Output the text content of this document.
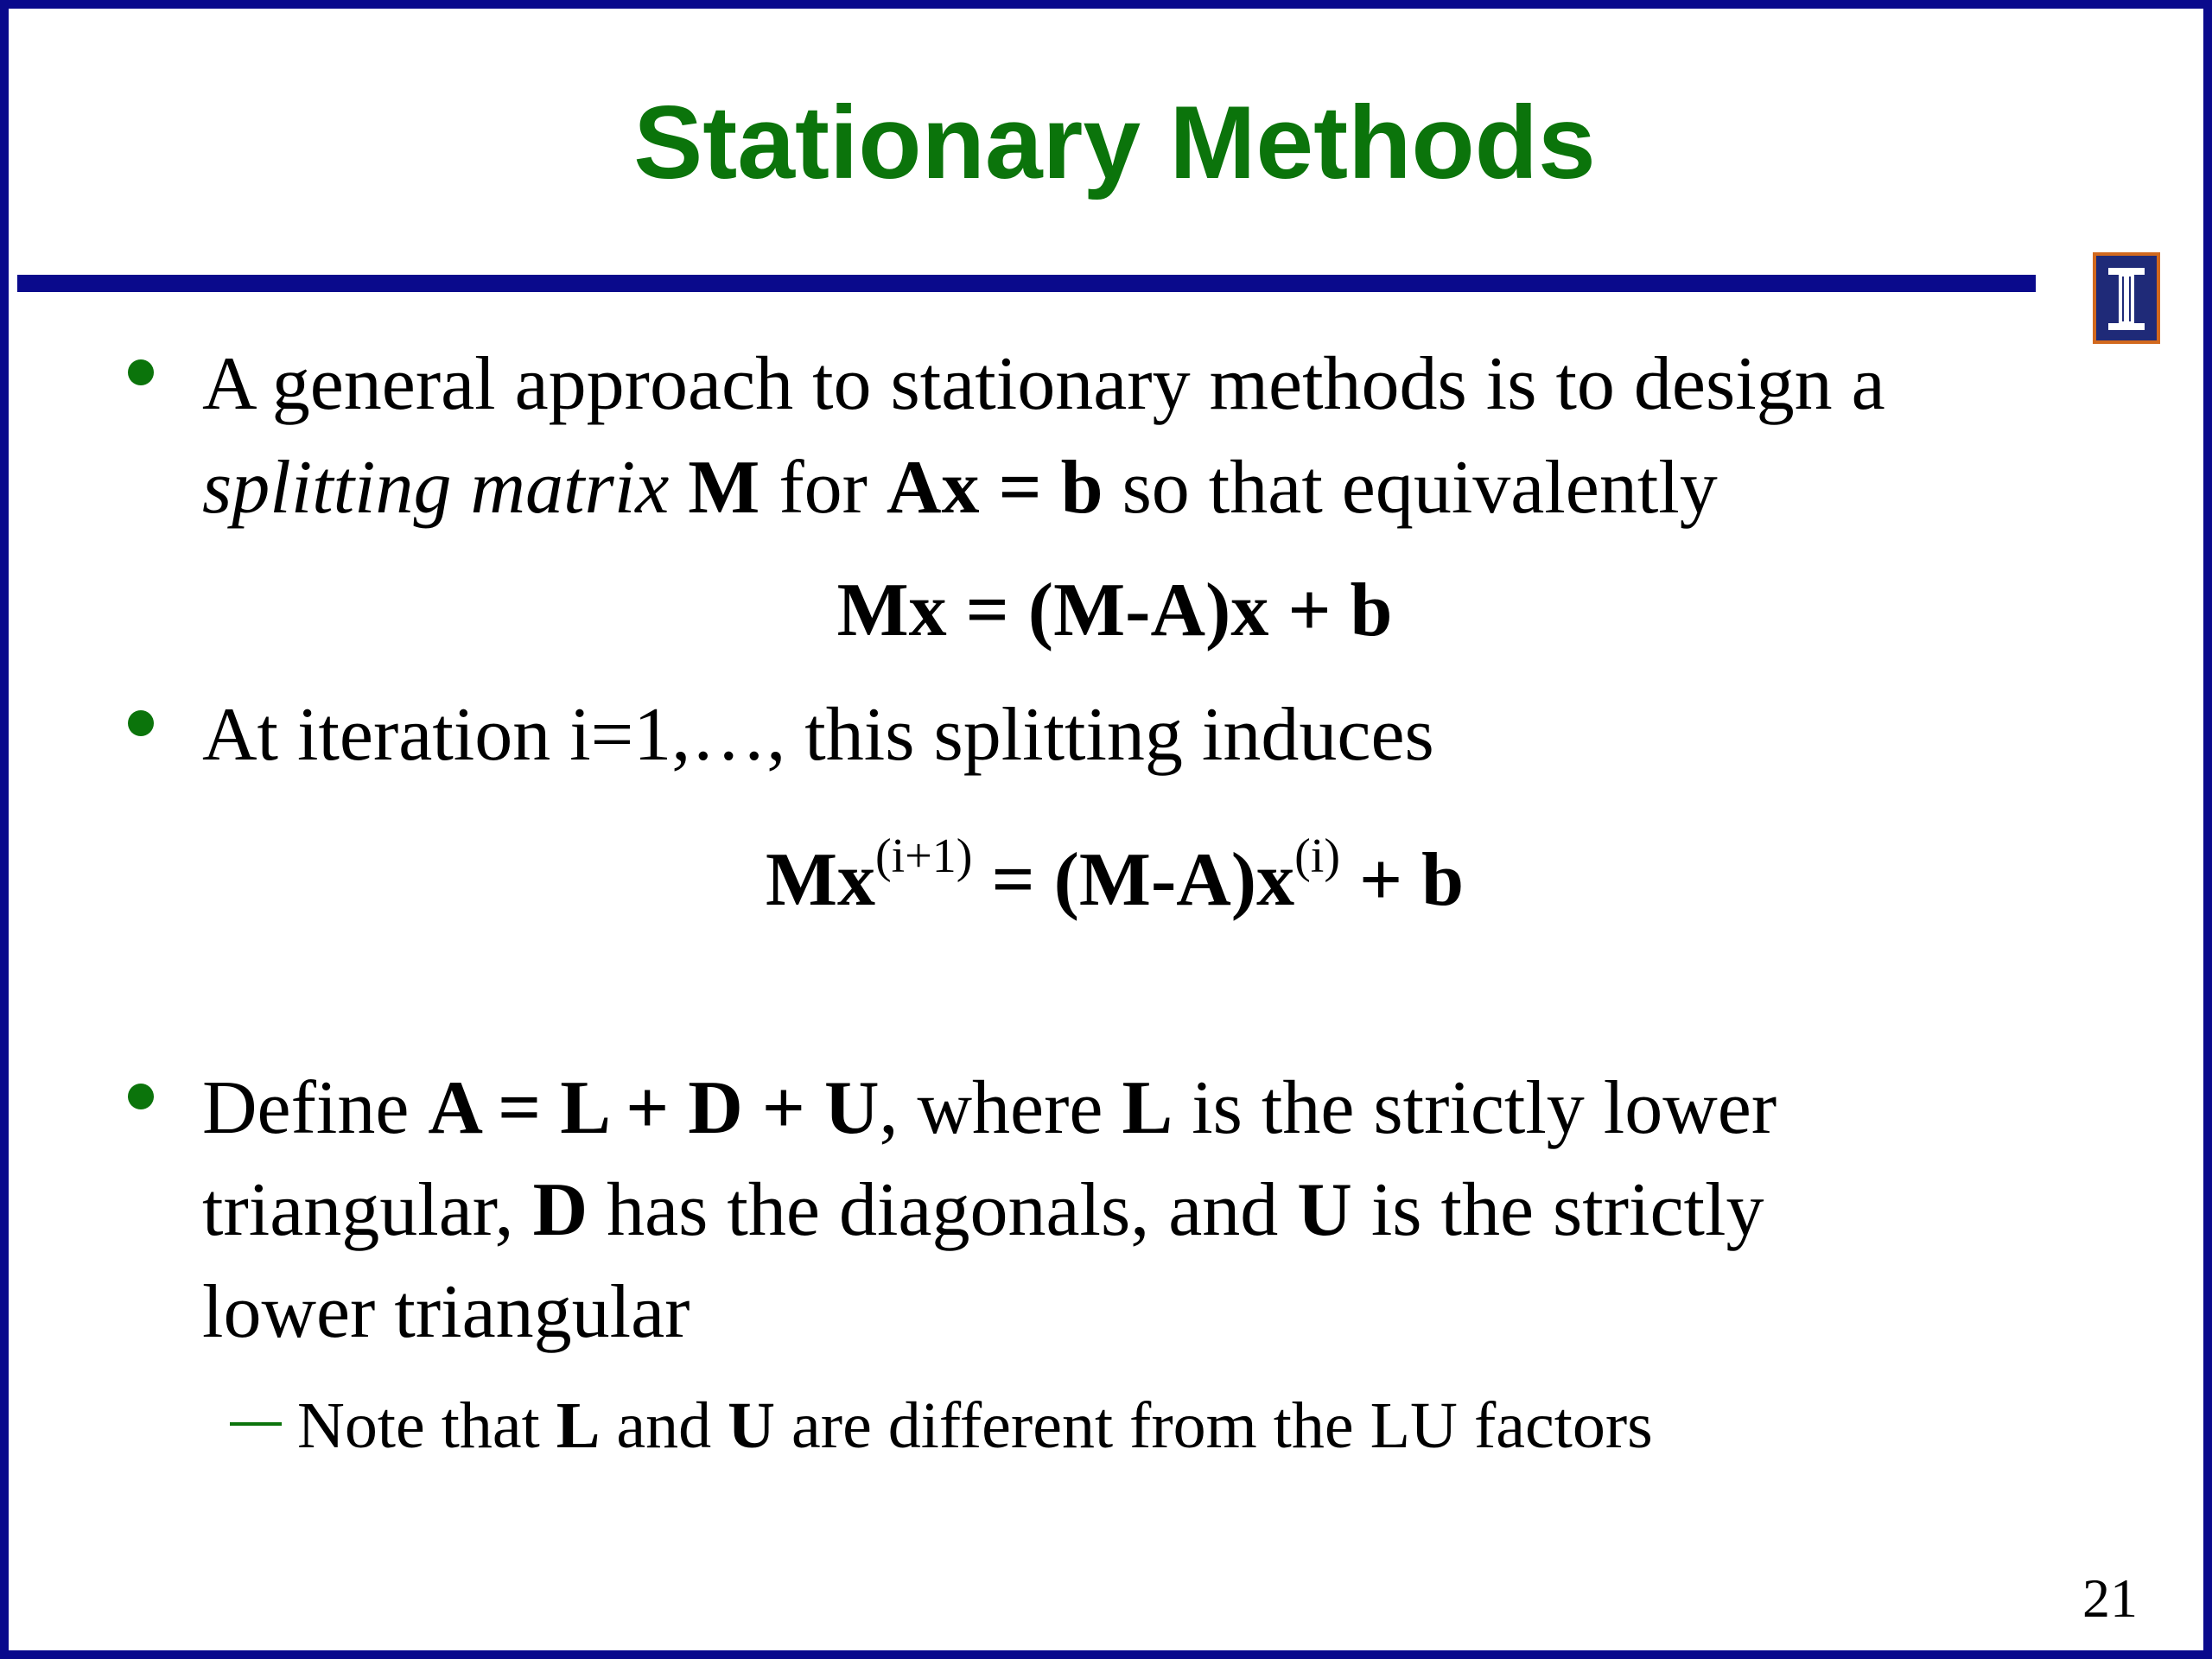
Stationary Methods
A general approach to stationary methods is to design a
splitting matrix M for Ax = b so that equivalently
Mx = (M-A)x + b
At iteration i=1,…, this splitting induces
$Mx^{(i+1)} = (M-A)x^{(i)} + b$
Define A = L + D + U, where L is the strictly lower
triangular, D has the diagonals, and U is the strictly
lower triangular
Note that L and U are different from the LU factors
21
